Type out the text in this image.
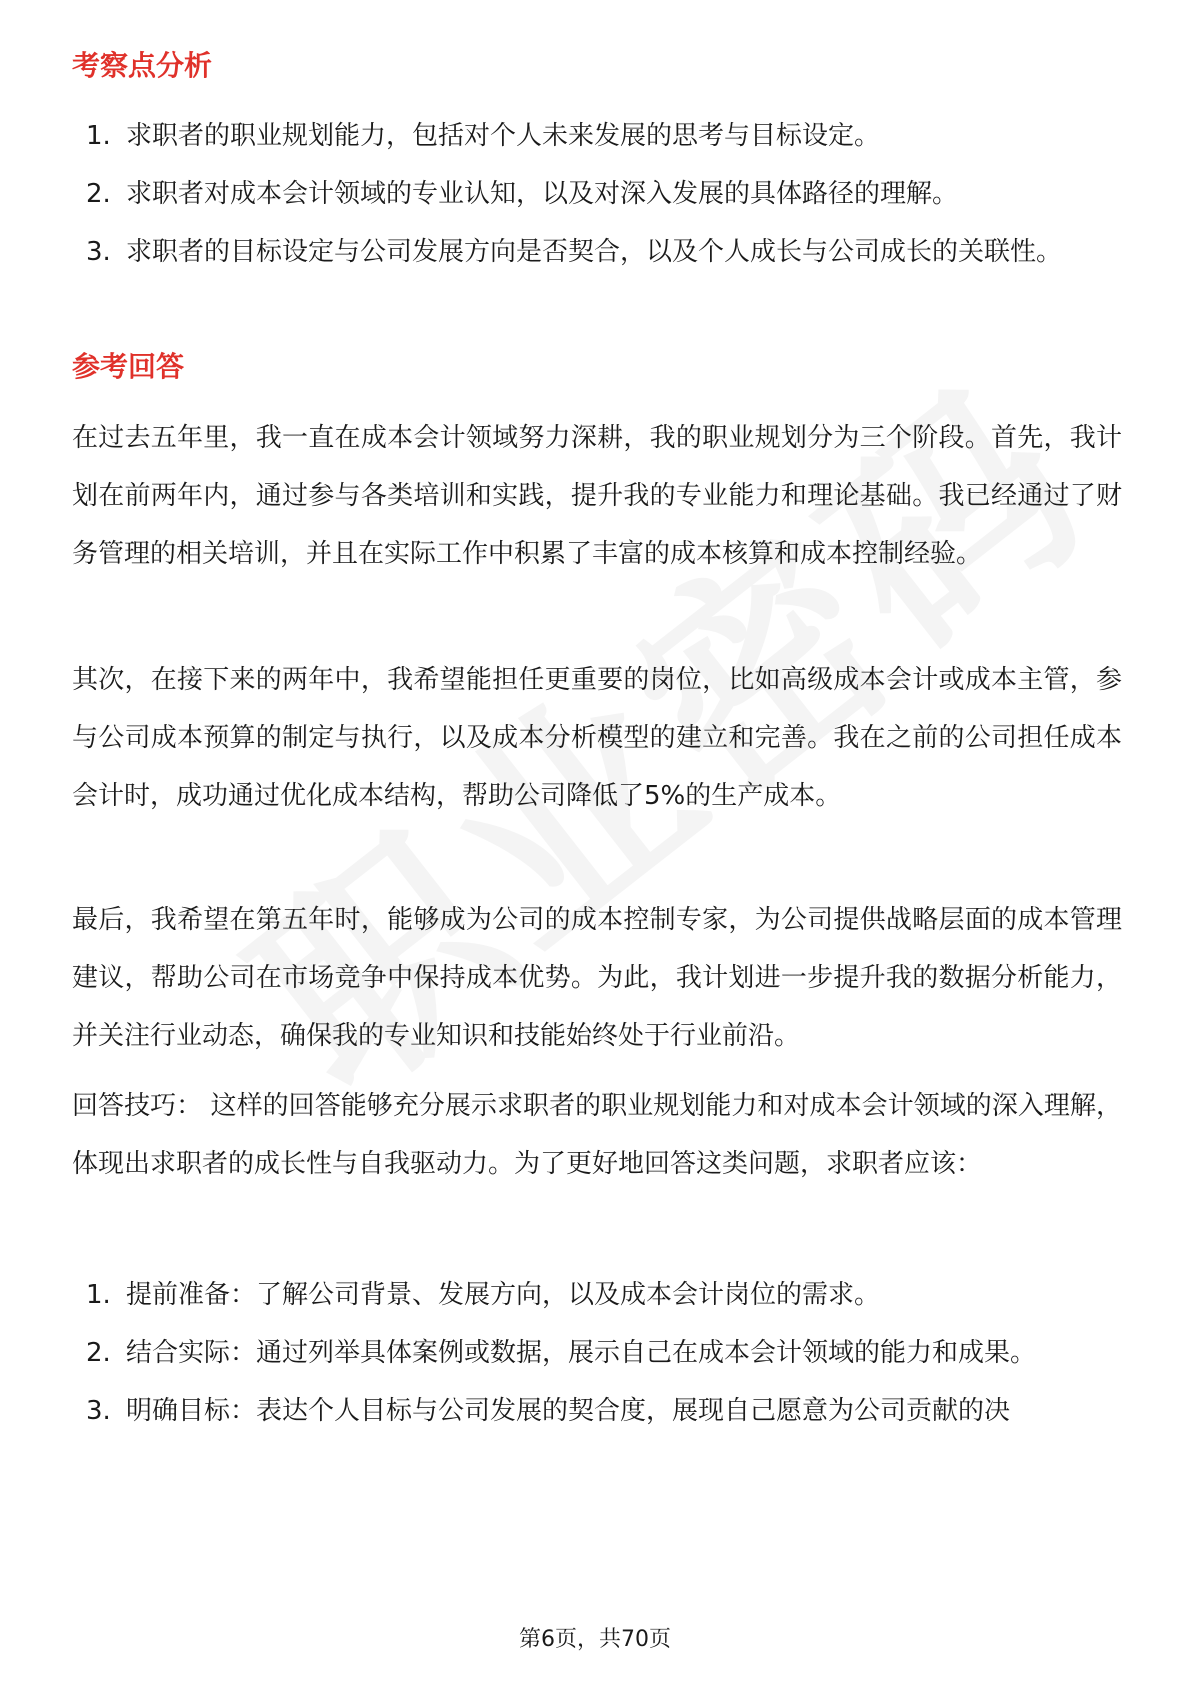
考察点分析
1. 求职者的职业规划能力，包括对个人未来发展的思考与目标设定。
2. 求职者对成本会计领域的专业认知，以及对深入发展的具体路径的理解。
3. 求职者的目标设定与公司发展方向是否契合，以及个人成长与公司成长的关联性。
参考回答

在过去五年里，我一直在成本会计领域努力深耕，我的职业规划分为三个阶段。首先，我计划在前两年内，通过参与各类培训和实践，提升我的专业能力和理论基础。我已经通过了财务管理的相关培训，并且在实际工作中积累了丰富的成本核算和成本控制经验。

其次，在接下来的两年中，我希望能担任更重要的岗位，比如高级成本会计或成本主管，参与公司成本预算的制定与执行，以及成本分析模型的建立和完善。我在之前的公司担任成本会计时，成功通过优化成本结构，帮助公司降低了5%的生产成本。

最后，我希望在第五年时，能够成为公司的成本控制专家，为公司提供战略层面的成本管理建议，帮助公司在市场竞争中保持成本优势。为此，我计划进一步提升我的数据分析能力，并关注行业动态，确保我的专业知识和技能始终处于行业前沿。

回答技巧： 这样的回答能够充分展示求职者的职业规划能力和对成本会计领域的深入理解，体现出求职者的成长性与自我驱动力。为了更好地回答这类问题，求职者应该：

1. 提前准备：了解公司背景、发展方向，以及成本会计岗位的需求。
2. 结合实际：通过列举具体案例或数据，展示自己在成本会计领域的能力和成果。
3. 明确目标：表达个人目标与公司发展的契合度，展现自己愿意为公司贡献的决
第6页，共70页
